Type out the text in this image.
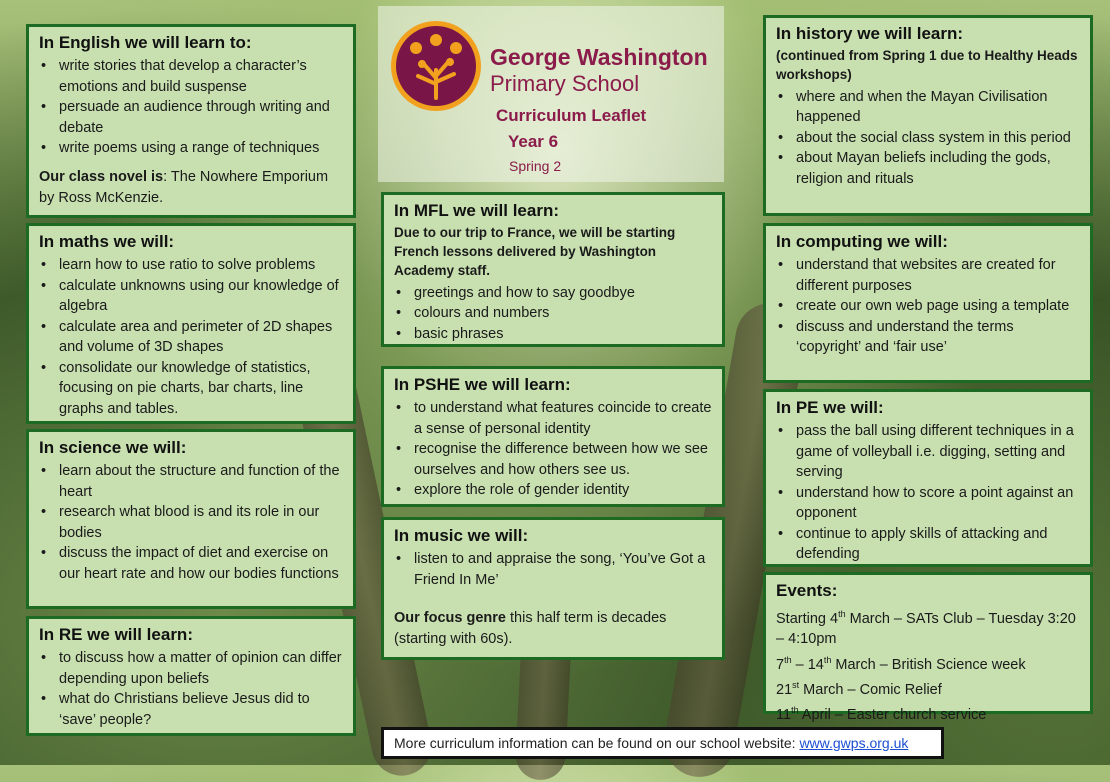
George Washington
Primary School
Curriculum Leaflet
Year 6
Spring 2
In English we will learn to:
• write stories that develop a character’s emotions and build suspense
• persuade an audience through writing and debate
• write poems using a range of techniques
Our class novel is: The Nowhere Emporium by Ross McKenzie.
In maths we will:
• learn how to use ratio to solve problems
• calculate unknowns using our knowledge of algebra
• calculate area and perimeter of 2D shapes and volume of 3D shapes
• consolidate our knowledge of statistics, focusing on pie charts, bar charts, line graphs and tables.
In science we will:
• learn about the structure and function of the heart
• research what blood is and its role in our bodies
• discuss the impact of diet and exercise on our heart rate and how our bodies functions
In RE we will learn:
• to discuss how a matter of opinion can differ depending upon beliefs
• what do Christians believe Jesus did to ‘save’ people?
In MFL we will learn:
Due to our trip to France, we will be starting French lessons delivered by Washington Academy staff.
• greetings and how to say goodbye
• colours and numbers
• basic phrases
In PSHE we will learn:
• to understand what features coincide to create a sense of personal identity
• recognise the difference between how we see ourselves and how others see us.
• explore the role of gender identity
In music we will:
• listen to and appraise the song, ‘You’ve Got a Friend In Me’
Our focus genre this half term is decades (starting with 60s).
In history we will learn:
(continued from Spring 1 due to Healthy Heads workshops)
• where and when the Mayan Civilisation happened
• about the social class system in this period
• about Mayan beliefs including the gods, religion and rituals
In computing we will:
• understand that websites are created for different purposes
• create our own web page using a template
• discuss and understand the terms ‘copyright’ and ‘fair use’
In PE we will:
• pass the ball using different techniques in a game of volleyball i.e. digging, setting and serving
• understand how to score a point against an opponent
• continue to apply skills of attacking and defending
Events:
Starting 4th March – SATs Club – Tuesday 3:20 – 4:10pm
7th – 14th March – British Science week
21st March – Comic Relief
11th April – Easter church service
More curriculum information can be found on our school website: www.gwps.org.uk
